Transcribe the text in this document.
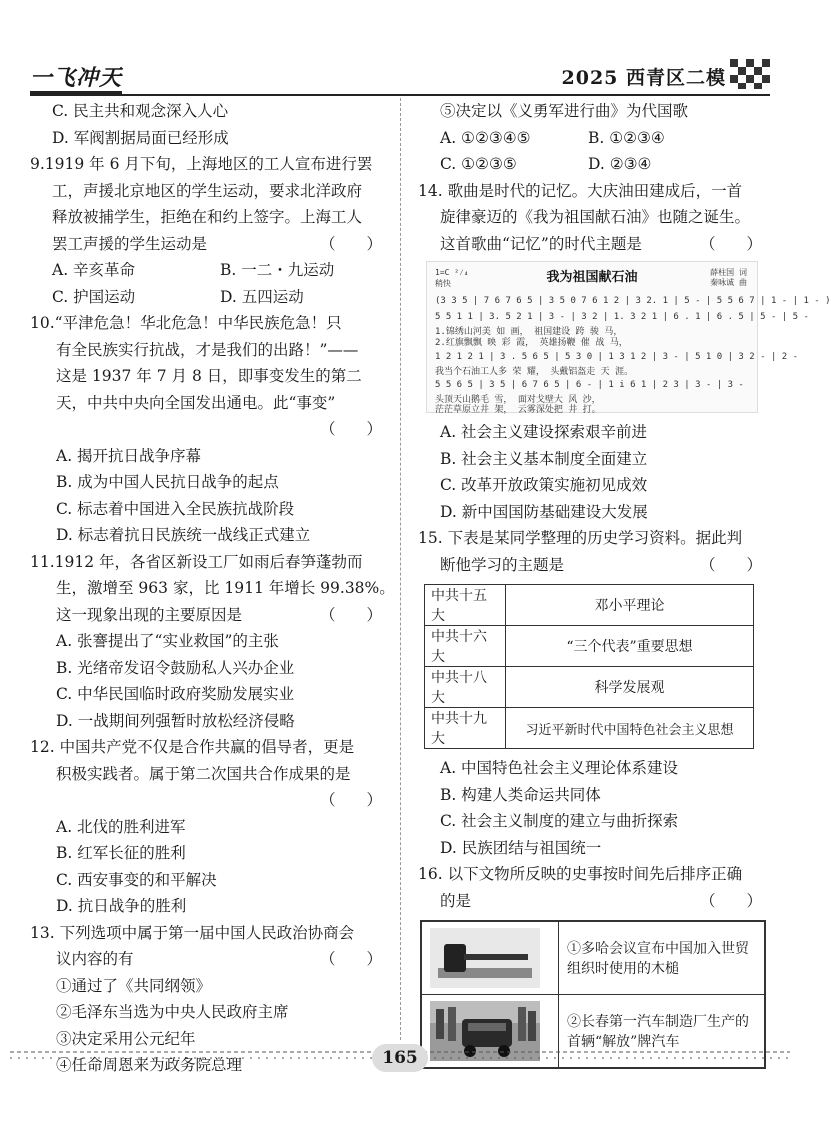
一飞冲天	2025 西青区二模
C. 民主共和观念深入人心
D. 军阀割据局面已经形成
9.1919 年 6 月下旬，上海地区的工人宣布进行罢
工，声援北京地区的学生运动，要求北洋政府
释放被捕学生，拒绝在和约上签字。上海工人
罢工声援的学生运动是	（　　）
A. 辛亥革命	B. 一二・九运动
C. 护国运动	D. 五四运动
10.“平津危急！华北危急！中华民族危急！只
有全民族实行抗战，才是我们的出路！”——
这是 1937 年 7 月 8 日，即事变发生的第二
天，中共中央向全国发出通电。此“事变”
（　　）
A. 揭开抗日战争序幕
B. 成为中国人民抗日战争的起点
C. 标志着中国进入全民族抗战阶段
D. 标志着抗日民族统一战线正式建立
11.1912 年，各省区新设工厂如雨后春笋蓬勃而
生，激增至 963 家，比 1911 年增长 99.38%。
这一现象出现的主要原因是	（　　）
A. 张謇提出了“实业救国”的主张
B. 光绪帝发诏令鼓励私人兴办企业
C. 中华民国临时政府奖励发展实业
D. 一战期间列强暂时放松经济侵略
12. 中国共产党不仅是合作共赢的倡导者，更是
积极实践者。属于第二次国共合作成果的是
（　　）
A. 北伐的胜利进军
B. 红军长征的胜利
C. 西安事变的和平解决
D. 抗日战争的胜利
13. 下列选项中属于第一届中国人民政治协商会
议内容的有	（　　）
①通过了《共同纲领》
②毛泽东当选为中央人民政府主席
③决定采用公元纪年
④任命周恩来为政务院总理
⑤决定以《义勇军进行曲》为代国歌
A. ①②③④⑤	B. ①②③④
C. ①②③⑤	D. ②③④
14. 歌曲是时代的记忆。大庆油田建成后，一首
旋律豪迈的《我为祖国献石油》也随之诞生。
这首歌曲“记忆”的时代主题是	（　　）
我为祖国献石油
1=C ²⁄₄
稍快
薛柱国 词
秦咏诚 曲
(3 3 5 | 7 6 7 6 5 | 3 5 0 7 6 1 2 | 3 2. 1 | 5 - | 5 5 6 7 | 1 - | 1 - )
5 5 1 1 | 3. 5 2 1 | 3 - | 3 2 | 1. 3 2 1 | 6 . 1 | 6 . 5 | 5 - | 5 -
1.锦绣山河美 如 画， 祖国建设 跨 骏 马，
2.红旗飘飘 映 彩 霞， 英雄扬鞭 催 战 马，
1 2 1 2 1 | 3 . 5 6 5 | 5 3 0 | 1 3 1 2 | 3 - | 5 1 0 | 3 2 - | 2 -
我当个石油工人多 荣 耀， 头戴铝盔走 天 涯。
5 5 6 5 | 3 5 | 6 7 6 5 | 6 - | 1 i 6 1 | 2 3 | 3 - | 3 -
头顶天山鹅毛 雪， 面对戈壁大 风 沙，
茫茫草原立井 架， 云雾深处把 井 打。
A. 社会主义建设探索艰辛前进
B. 社会主义基本制度全面建立
C. 改革开放政策实施初见成效
D. 新中国国防基础建设大发展
15. 下表是某同学整理的历史学习资料。据此判
断他学习的主题是	（　　）
中共十五大	邓小平理论
中共十六大	“三个代表”重要思想
中共十八大	科学发展观
中共十九大	习近平新时代中国特色社会主义思想
A. 中国特色社会主义理论体系建设
B. 构建人类命运共同体
C. 社会主义制度的建立与曲折探索
D. 民族团结与祖国统一
16. 以下文物所反映的史事按时间先后排序正确
的是	（　　）
	①多哈会议宣布中国加入世贸组织时使用的木槌

	②长春第一汽车制造厂生产的首辆“解放”牌汽车
165
